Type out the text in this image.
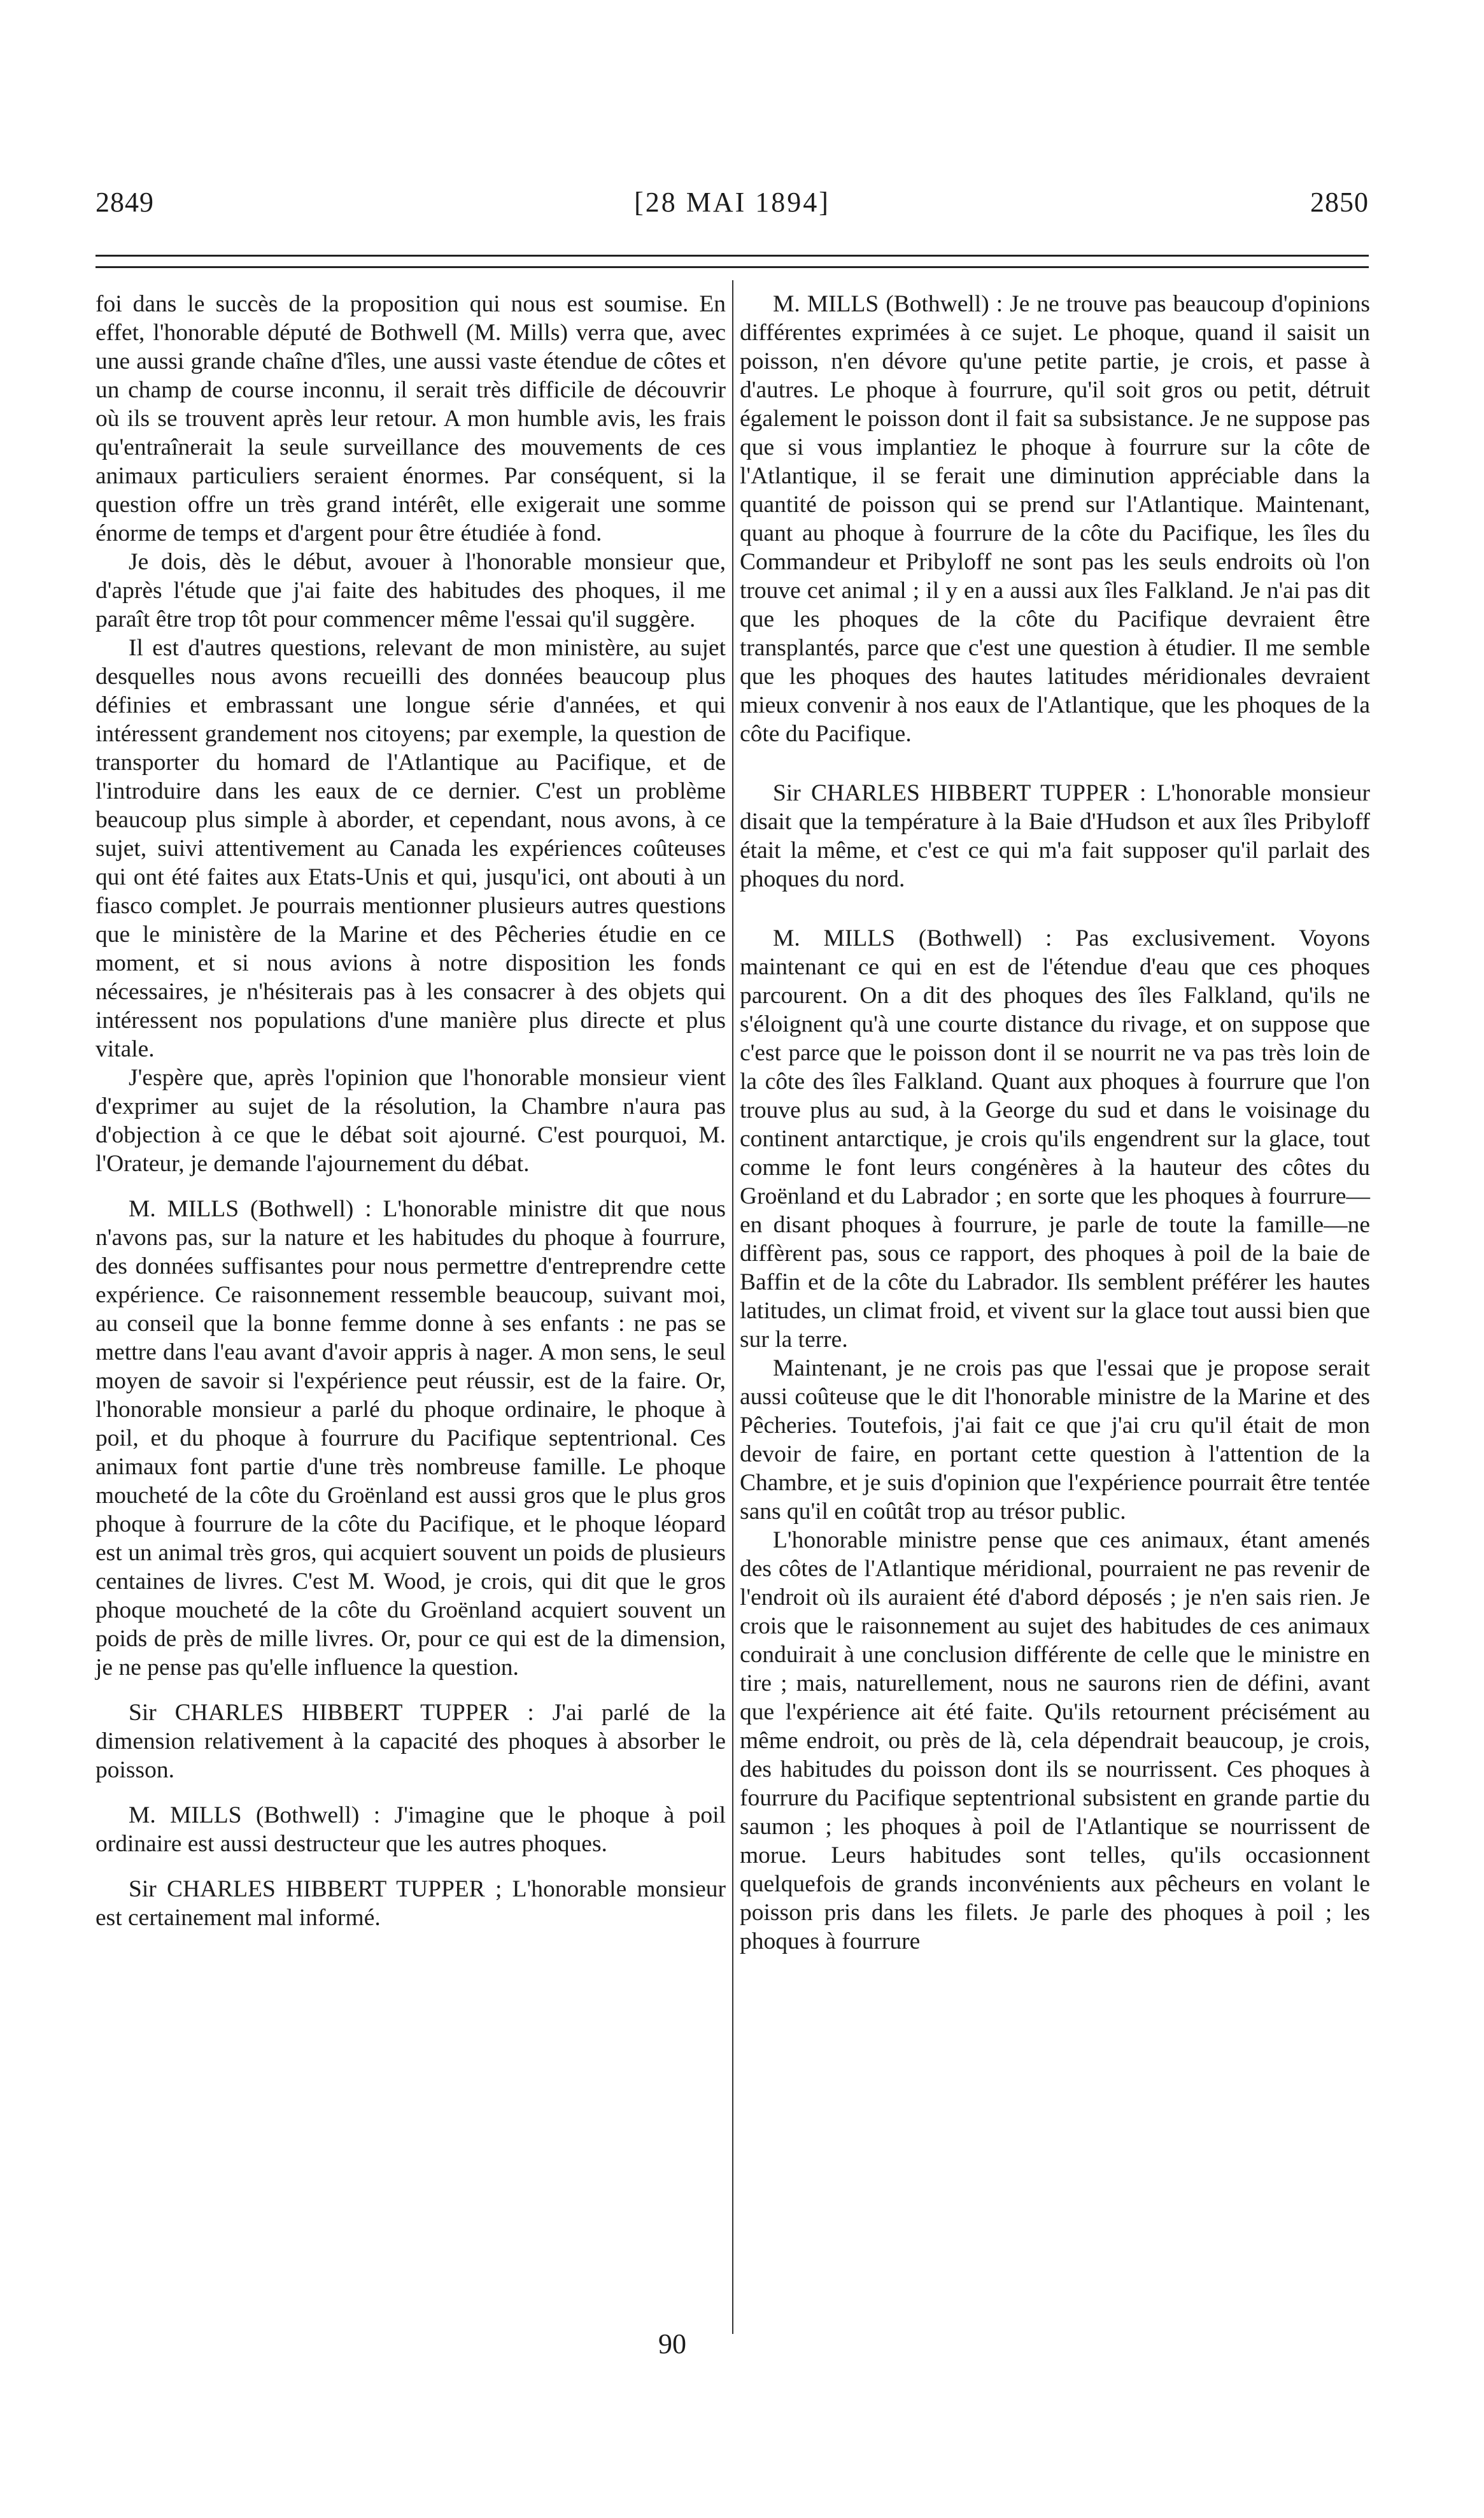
2849	[28 MAI 1894]	2850

foi dans le succès de la proposition qui nous est soumise. En effet, l'honorable député de Bothwell (M. Mills) verra que, avec une aussi grande chaîne d'îles, une aussi vaste étendue de côtes et un champ de course inconnu, il serait très difficile de découvrir où ils se trouvent après leur retour. A mon humble avis, les frais qu'entraînerait la seule surveillance des mouvements de ces animaux particuliers seraient énormes. Par conséquent, si la question offre un très grand intérêt, elle exigerait une somme énorme de temps et d'argent pour être étudiée à fond.

Je dois, dès le début, avouer à l'honorable monsieur que, d'après l'étude que j'ai faite des habitudes des phoques, il me paraît être trop tôt pour commencer même l'essai qu'il suggère.

Il est d'autres questions, relevant de mon ministère, au sujet desquelles nous avons recueilli des données beaucoup plus définies et embrassant une longue série d'années, et qui intéressent grandement nos citoyens; par exemple, la question de transporter du homard de l'Atlantique au Pacifique, et de l'introduire dans les eaux de ce dernier. C'est un problème beaucoup plus simple à aborder, et cependant, nous avons, à ce sujet, suivi attentivement au Canada les expériences coûteuses qui ont été faites aux Etats-Unis et qui, jusqu'ici, ont abouti à un fiasco complet. Je pourrais mentionner plusieurs autres questions que le ministère de la Marine et des Pêcheries étudie en ce moment, et si nous avions à notre disposition les fonds nécessaires, je n'hésiterais pas à les consacrer à des objets qui intéressent nos populations d'une manière plus directe et plus vitale.

J'espère que, après l'opinion que l'honorable monsieur vient d'exprimer au sujet de la résolution, la Chambre n'aura pas d'objection à ce que le débat soit ajourné. C'est pourquoi, M. l'Orateur, je demande l'ajournement du débat.

M. MILLS (Bothwell) : L'honorable ministre dit que nous n'avons pas, sur la nature et les habitudes du phoque à fourrure, des données suffisantes pour nous permettre d'entreprendre cette expérience. Ce raisonnement ressemble beaucoup, suivant moi, au conseil que la bonne femme donne à ses enfants : ne pas se mettre dans l'eau avant d'avoir appris à nager. A mon sens, le seul moyen de savoir si l'expérience peut réussir, est de la faire. Or, l'honorable monsieur a parlé du phoque ordinaire, le phoque à poil, et du phoque à fourrure du Pacifique septentrional. Ces animaux font partie d'une très nombreuse famille. Le phoque moucheté de la côte du Groënland est aussi gros que le plus gros phoque à fourrure de la côte du Pacifique, et le phoque léopard est un animal très gros, qui acquiert souvent un poids de plusieurs centaines de livres. C'est M. Wood, je crois, qui dit que le gros phoque moucheté de la côte du Groënland acquiert souvent un poids de près de mille livres. Or, pour ce qui est de la dimension, je ne pense pas qu'elle influence la question.

Sir CHARLES HIBBERT TUPPER : J'ai parlé de la dimension relativement à la capacité des phoques à absorber le poisson.

M. MILLS (Bothwell) : J'imagine que le phoque à poil ordinaire est aussi destructeur que les autres phoques.

Sir CHARLES HIBBERT TUPPER ; L'honorable monsieur est certainement mal informé.

M. MILLS (Bothwell) : Je ne trouve pas beaucoup d'opinions différentes exprimées à ce sujet. Le phoque, quand il saisit un poisson, n'en dévore qu'une petite partie, je crois, et passe à d'autres. Le phoque à fourrure, qu'il soit gros ou petit, détruit également le poisson dont il fait sa subsistance. Je ne suppose pas que si vous implantiez le phoque à fourrure sur la côte de l'Atlantique, il se ferait une diminution appréciable dans la quantité de poisson qui se prend sur l'Atlantique. Maintenant, quant au phoque à fourrure de la côte du Pacifique, les îles du Commandeur et Pribyloff ne sont pas les seuls endroits où l'on trouve cet animal ; il y en a aussi aux îles Falkland. Je n'ai pas dit que les phoques de la côte du Pacifique devraient être transplantés, parce que c'est une question à étudier. Il me semble que les phoques des hautes latitudes méridionales devraient mieux convenir à nos eaux de l'Atlantique, que les phoques de la côte du Pacifique.

Sir CHARLES HIBBERT TUPPER : L'honorable monsieur disait que la température à la Baie d'Hudson et aux îles Pribyloff était la même, et c'est ce qui m'a fait supposer qu'il parlait des phoques du nord.

M. MILLS (Bothwell) : Pas exclusivement. Voyons maintenant ce qui en est de l'étendue d'eau que ces phoques parcourent. On a dit des phoques des îles Falkland, qu'ils ne s'éloignent qu'à une courte distance du rivage, et on suppose que c'est parce que le poisson dont il se nourrit ne va pas très loin de la côte des îles Falkland. Quant aux phoques à fourrure que l'on trouve plus au sud, à la George du sud et dans le voisinage du continent antarctique, je crois qu'ils engendrent sur la glace, tout comme le font leurs congénères à la hauteur des côtes du Groënland et du Labrador ; en sorte que les phoques à fourrure—en disant phoques à fourrure, je parle de toute la famille—ne diffèrent pas, sous ce rapport, des phoques à poil de la baie de Baffin et de la côte du Labrador. Ils semblent préférer les hautes latitudes, un climat froid, et vivent sur la glace tout aussi bien que sur la terre.

Maintenant, je ne crois pas que l'essai que je propose serait aussi coûteuse que le dit l'honorable ministre de la Marine et des Pêcheries. Toutefois, j'ai fait ce que j'ai cru qu'il était de mon devoir de faire, en portant cette question à l'attention de la Chambre, et je suis d'opinion que l'expérience pourrait être tentée sans qu'il en coûtât trop au trésor public.

L'honorable ministre pense que ces animaux, étant amenés des côtes de l'Atlantique méridional, pourraient ne pas revenir de l'endroit où ils auraient été d'abord déposés ; je n'en sais rien. Je crois que le raisonnement au sujet des habitudes de ces animaux conduirait à une conclusion différente de celle que le ministre en tire ; mais, naturellement, nous ne saurons rien de défini, avant que l'expérience ait été faite. Qu'ils retournent précisément au même endroit, ou près de là, cela dépendrait beaucoup, je crois, des habitudes du poisson dont ils se nourrissent. Ces phoques à fourrure du Pacifique septentrional subsistent en grande partie du saumon ; les phoques à poil de l'Atlantique se nourrissent de morue. Leurs habitudes sont telles, qu'ils occasionnent quelquefois de grands inconvénients aux pêcheurs en volant le poisson pris dans les filets. Je parle des phoques à poil ; les phoques à fourrure

90
